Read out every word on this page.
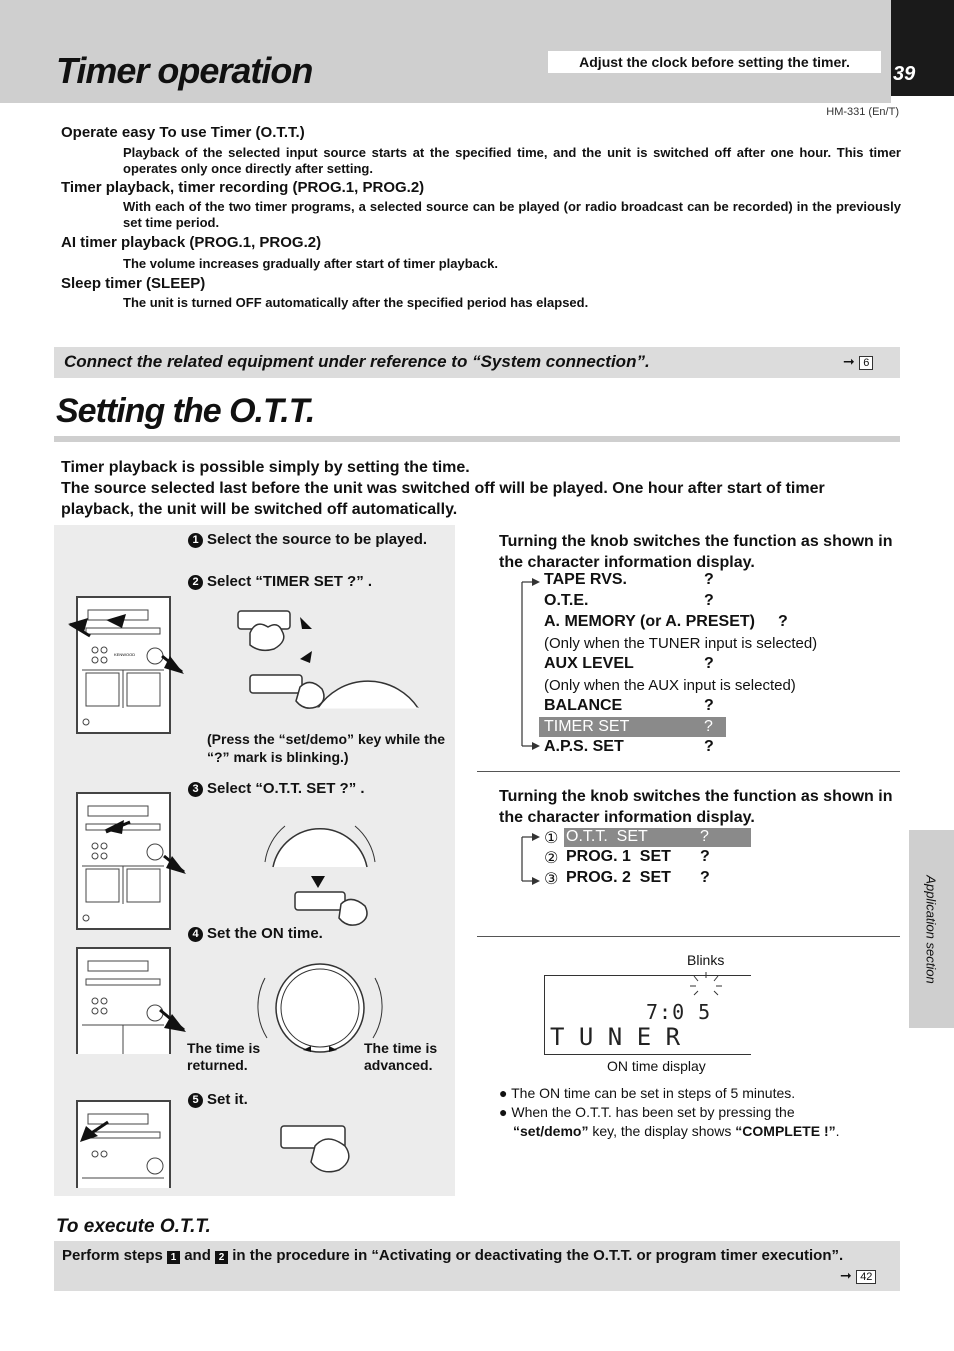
39
Timer operation	Adjust the clock before setting the timer.
HM-331 (En/T)
Operate easy To use Timer (O.T.T.)
Playback of the selected input source starts at the specified time, and the unit is switched off after one hour. This timer operates only once directly after setting.
Timer playback, timer recording (PROG.1, PROG.2)
With each of the two timer programs, a selected source can be played (or radio broadcast can be recorded) in the previously set time period.
AI timer playback (PROG.1, PROG.2)
The volume increases gradually after start of timer playback.
Sleep timer (SLEEP)
The unit is turned OFF automatically after the specified period has elapsed.
Connect the related equipment under reference to “System connection”.	➞ 6
Setting the O.T.T.
Timer playback is possible simply by setting the time.
The source selected last before the unit was switched off will be played. One hour after start of timer playback, the unit will be switched off automatically.
1 Select the source to be played.
2 Select “TIMER SET ?” .
KENWOOD
(Press the “set/demo” key while the “?” mark is blinking.)
3 Select “O.T.T. SET ?” .
4 Set the ON time.
The time is returned.
The time is advanced.
5 Set it.
Turning the knob switches the function as shown in the character information display.
TAPE RVS.	?
O.T.E.	?
A. MEMORY (or A. PRESET) ?
(Only when the TUNER input is selected)
AUX LEVEL	?
(Only when the AUX input is selected)
BALANCE	?
TIMER SET	?
A.P.S. SET	?
Turning the knob switches the function as shown in the character information display.
① O.T.T.  SET	?
② PROG. 1  SET ?
③ PROG. 2  SET ?
Blinks
7:0 5
T U N E R
ON time display
● The ON time can be set in steps of 5 minutes.
● When the O.T.T. has been set by pressing the
“set/demo” key, the display shows “COMPLETE !”.
Application section
To execute O.T.T.
Perform steps 1 and 2 in the procedure in “Activating or deactivating the O.T.T. or program timer execution”.
➞ 42
